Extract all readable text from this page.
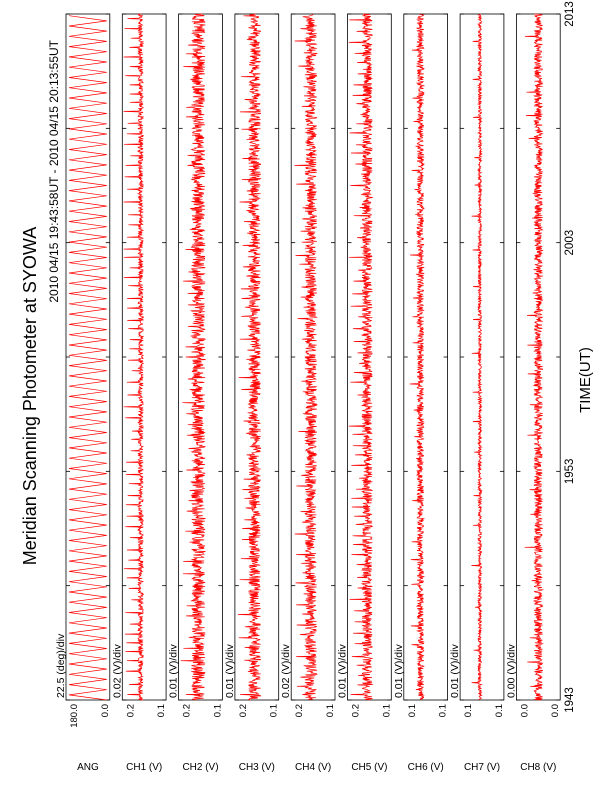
Meridian Scanning Photometer at SYOWA
2010 04/15 19:43:58UT - 2010 04/15 20:13:55UT
TIME(UT)
22.5 (deg)/div
ANG
180.0 0.0
0.02 (V)/div
CH1 (V)
0.2 0.1
0.01 (V)/div
CH2 (V)
0.2 0.1
0.01 (V)/div
CH3 (V)
0.2 0.1
0.02 (V)/div
CH4 (V)
0.2 0.1
0.01 (V)/div
CH5 (V)
0.2 0.1
0.01 (V)/div
CH6 (V)
0.1 0.1
0.01 (V)/div
CH7 (V)
0.1 0.1
0.00 (V)/div
CH8 (V)
0.0 0.0 1943
1953
2003
2013
